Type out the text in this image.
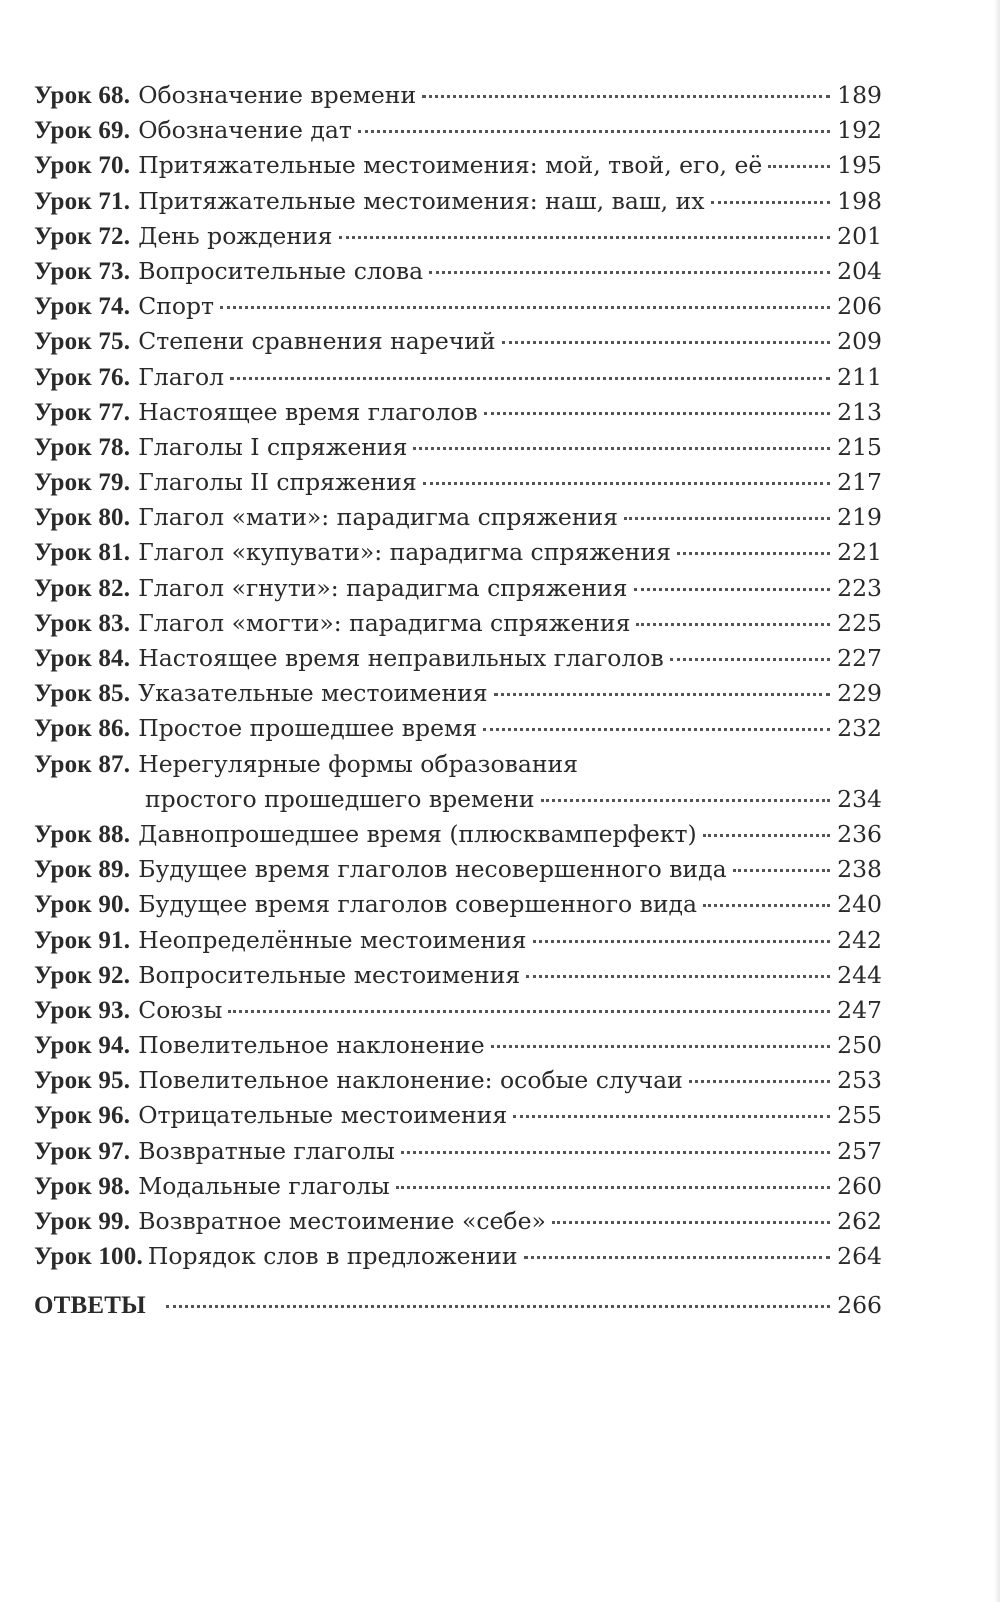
Урок 68. Обозначение времени	189
Урок 69. Обозначение дат	192
Урок 70. Притяжательные местоимения: мой, твой, его, её	195
Урок 71. Притяжательные местоимения: наш, ваш, их	198
Урок 72. День рождения	201
Урок 73. Вопросительные слова	204
Урок 74. Спорт	206
Урок 75. Степени сравнения наречий	209
Урок 76. Глагол	211
Урок 77. Настоящее время глаголов	213
Урок 78. Глаголы I спряжения	215
Урок 79. Глаголы II спряжения	217
Урок 80. Глагол «мати»: парадигма спряжения	219
Урок 81. Глагол «купувати»: парадигма спряжения	221
Урок 82. Глагол «гнути»: парадигма спряжения	223
Урок 83. Глагол «могти»: парадигма спряжения	225
Урок 84. Настоящее время неправильных глаголов	227
Урок 85. Указательные местоимения	229
Урок 86. Простое прошедшее время	232
Урок 87. Нерегулярные формы образования
простого прошедшего времени	234
Урок 88. Давнопрошедшее время (плюсквамперфект)	236
Урок 89. Будущее время глаголов несовершенного вида	238
Урок 90. Будущее время глаголов совершенного вида	240
Урок 91. Неопределённые местоимения	242
Урок 92. Вопросительные местоимения	244
Урок 93. Союзы	247
Урок 94. Повелительное наклонение	250
Урок 95. Повелительное наклонение: особые случаи	253
Урок 96. Отрицательные местоимения	255
Урок 97. Возвратные глаголы	257
Урок 98. Модальные глаголы	260
Урок 99. Возвратное местоимение «себе»	262
Урок 100. Порядок слов в предложении	264
ОТВЕТЫ	266
